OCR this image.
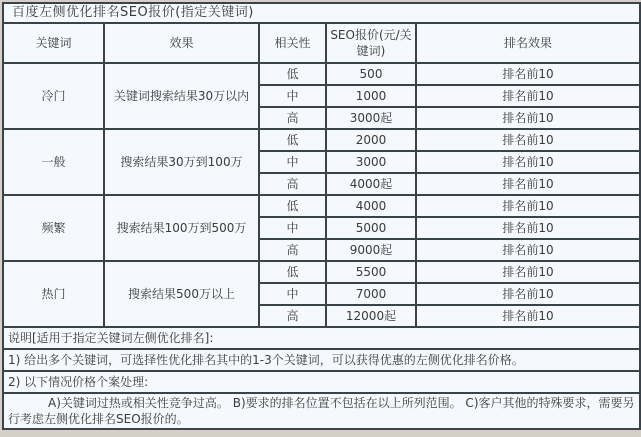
百度左侧优化排名SEO报价(指定关键词)				
关键词	效果	相关性	SEO报价(元/关键词)	排名效果
冷门	关键词搜索结果30万以内	低	500	排名前10
		中	1000	排名前10
		高	3000起	排名前10
一般	搜索结果30万到100万	低	2000	排名前10
		中	3000	排名前10
		高	4000起	排名前10
频繁	搜索结果100万到500万	低	4000	排名前10
		中	5000	排名前10
		高	9000起	排名前10
热门	搜索结果500万以上	低	5500	排名前10
		中	7000	排名前10
		高	12000起	排名前10
说明[适用于指定关键词左侧优化排名]:				
1) 给出多个关键词，可选择性优化排名其中的1-3个关键词，可以获得优惠的左侧优化排名价格。				
2) 以下情况价格个案处理:				
A)关键词过热或相关性竞争过高。 B)要求的排名位置不包括在以上所列范围。 C)客户其他的特殊要求，需要另行考虑左侧优化排名SEO报价的。				
